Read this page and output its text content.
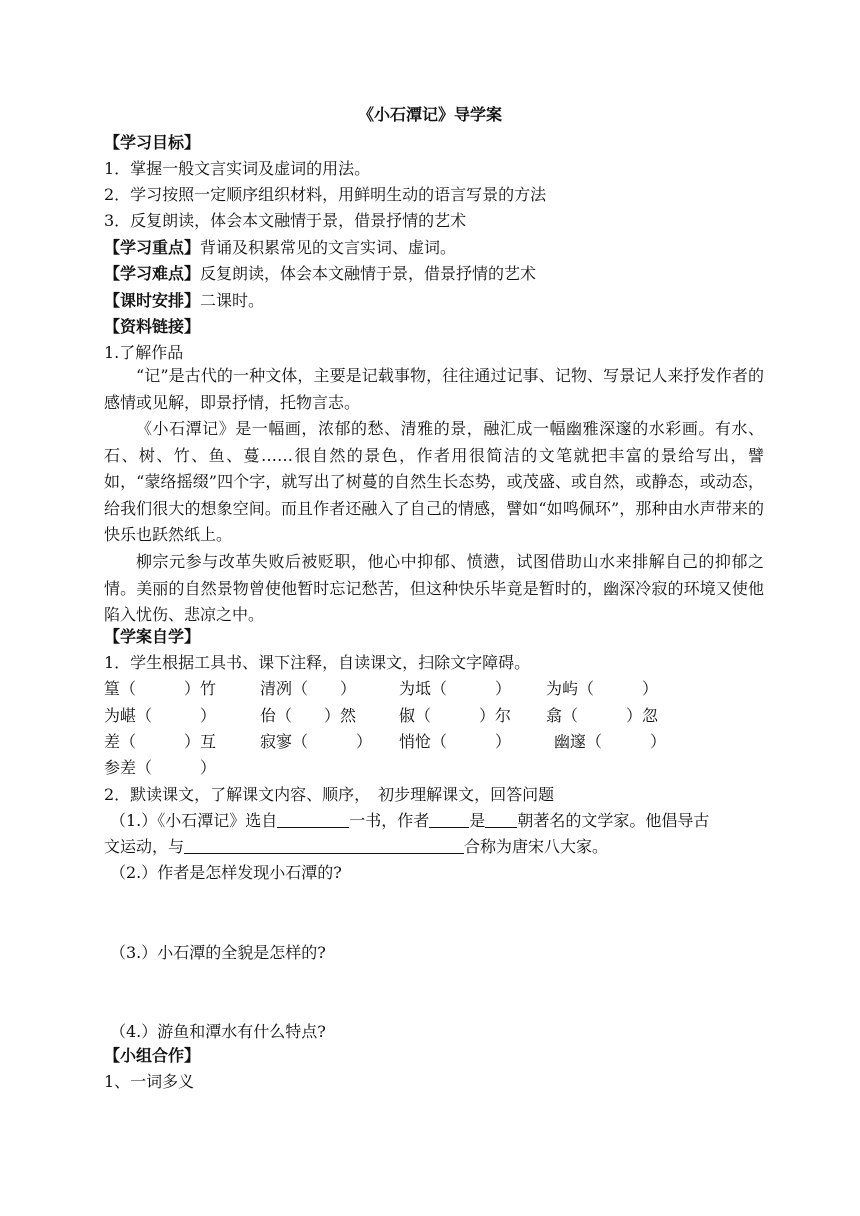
《小石潭记》导学案
【学习目标】
1．掌握一般文言实词及虚词的用法。
2．学习按照一定顺序组织材料，用鲜明生动的语言写景的方法
3．反复朗读，体会本文融情于景，借景抒情的艺术
【学习重点】背诵及积累常见的文言实词、虚词。
【学习难点】反复朗读，体会本文融情于景，借景抒情的艺术
【课时安排】二课时。
【资料链接】
1.了解作品
“记”是古代的一种文体，主要是记载事物，往往通过记事、记物、写景记人来抒发作者的感情或见解，即景抒情，托物言志。
《小石潭记》是一幅画，浓郁的愁、清雅的景，融汇成一幅幽雅深邃的水彩画。有水、石、树、竹、鱼、蔓……很自然的景色，作者用很简洁的文笔就把丰富的景给写出，譬如，“蒙络摇缀”四个字，就写出了树蔓的自然生长态势，或茂盛、或自然，或静态，或动态，给我们很大的想象空间。而且作者还融入了自己的情感，譬如“如鸣佩环”，那种由水声带来的快乐也跃然纸上。
柳宗元参与改革失败后被贬职，他心中抑郁、愤懑，试图借助山水来排解自己的抑郁之情。美丽的自然景物曾使他暂时忘记愁苦，但这种快乐毕竟是暂时的，幽深冷寂的环境又使他陷入忧伤、悲凉之中。
【学案自学】
1．学生根据工具书、课下注释，自读课文，扫除文字障碍。
篁（　　　）竹	清冽（　　）	为坻（　　　） 为屿（　　　）
为嵁（　　　）	佁（　　）然	俶（　　　）尔 翕（　　　）忽
差（　　　）互	寂寥（　　　） 悄怆（　　　）	幽邃（　　　）
参差（　　　）
2．默读课文，了解课文内容、顺序，　初步理解课文，回答问题
（1.）《小石潭记》选自	一书，作者	是 朝著名的文学家。他倡导古
文运动，与	合称为唐宋八大家。
（2.）作者是怎样发现小石潭的?
（3.）小石潭的全貌是怎样的?
（4.）游鱼和潭水有什么特点?
【小组合作】
1、一词多义
